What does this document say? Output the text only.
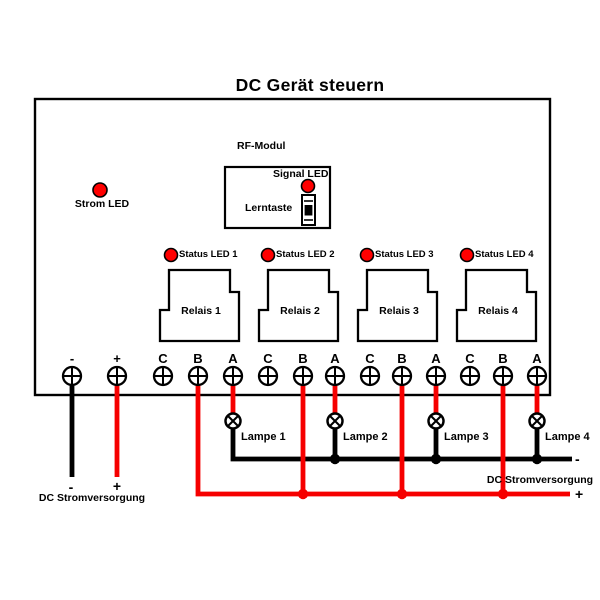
DC Gerät steuern
Strom LED
RF-Modul
Signal LED
Lerntaste
-	+
DC Stromversorgung
-
+
DC Stromversorgung
Relais 1	Relais 2	Relais 3	Relais 4
-	+	C B A C B A C B A C B A
Lampe 1	Lampe 2	Lampe 3	Lampe 4
Status LED 1	Status LED 2	Status LED 3	Status LED 4
